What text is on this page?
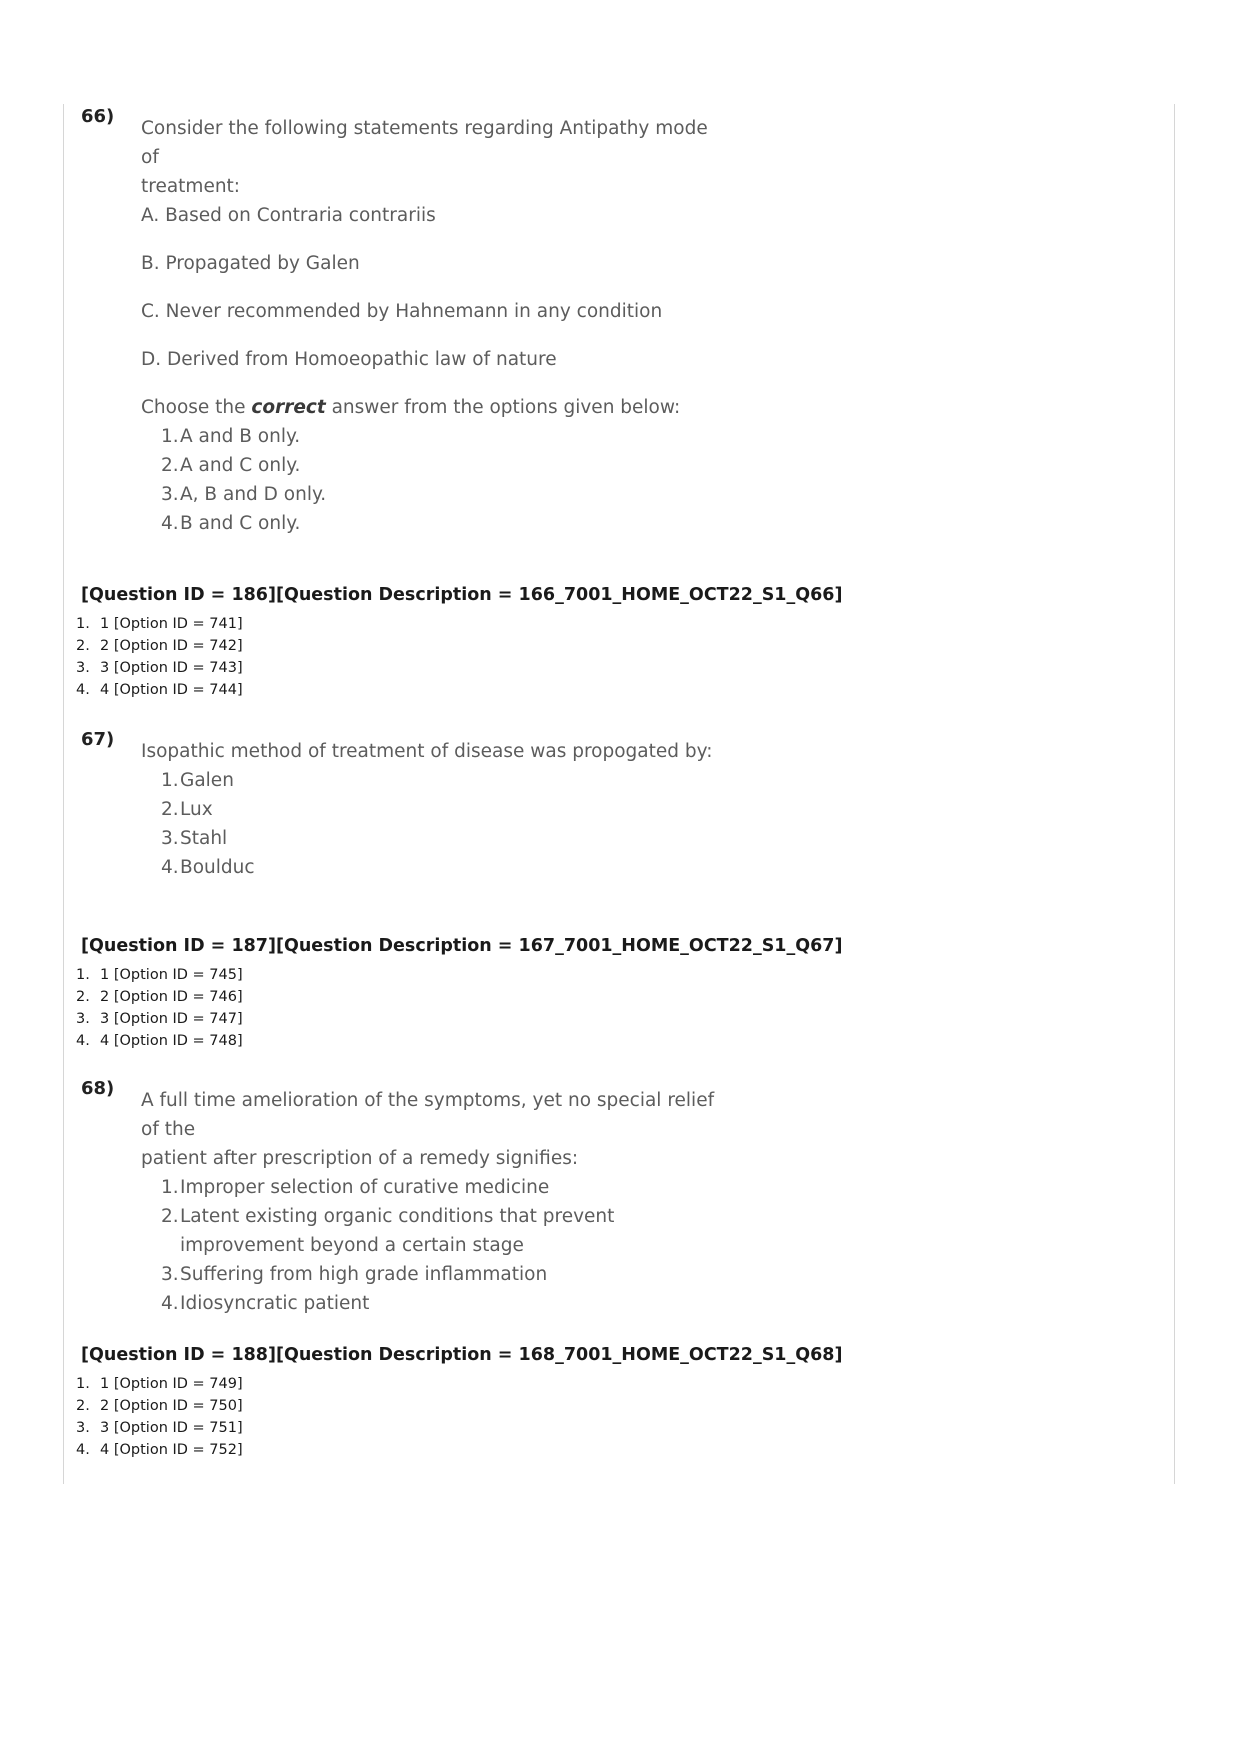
66)

Consider the following statements regarding Antipathy mode of

treatment:

A. Based on Contraria contrariis

B. Propagated by Galen

C. Never recommended by Hahnemann in any condition

D. Derived from Homoeopathic law of nature

Choose the correct answer from the options given below:

1. A and B only.
2. A and C only.
3. A, B and D only.
4. B and C only.
[Question ID = 186][Question Description = 166_7001_HOME_OCT22_S1_Q66]
1. 1 [Option ID = 741]
2. 2 [Option ID = 742]
3. 3 [Option ID = 743]
4. 4 [Option ID = 744]
67)

Isopathic method of treatment of disease was propogated by:

1. Galen
2. Lux
3. Stahl
4. Boulduc
[Question ID = 187][Question Description = 167_7001_HOME_OCT22_S1_Q67]
1. 1 [Option ID = 745]
2. 2 [Option ID = 746]
3. 3 [Option ID = 747]
4. 4 [Option ID = 748]
68)

A full time amelioration of the symptoms, yet no special relief of the

patient after prescription of a remedy signifies:

1. Improper selection of curative medicine
2. Latent existing organic conditions that prevent improvement beyond a certain stage
3. Suffering from high grade inflammation
4. Idiosyncratic patient
[Question ID = 188][Question Description = 168_7001_HOME_OCT22_S1_Q68]
1. 1 [Option ID = 749]
2. 2 [Option ID = 750]
3. 3 [Option ID = 751]
4. 4 [Option ID = 752]
